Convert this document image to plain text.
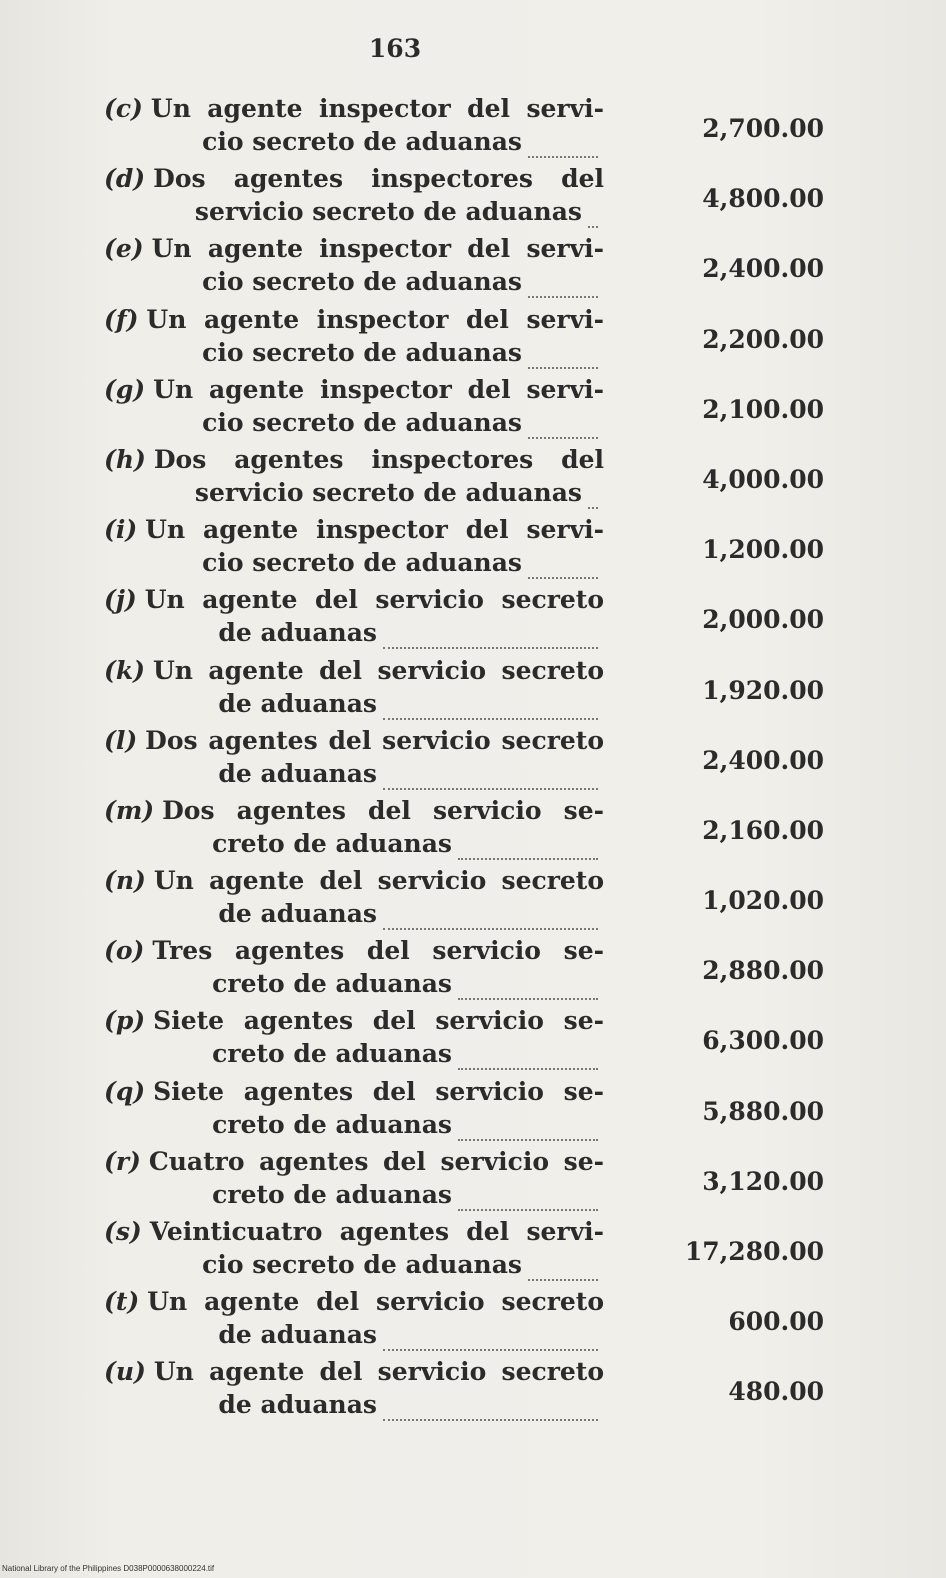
163
(c) Un agente inspector del servi-
cio secreto de aduanas	2,700.00
(d) Dos agentes inspectores del
servicio secreto de aduanas	4,800.00
(e) Un agente inspector del servi-
cio secreto de aduanas	2,400.00
(f) Un agente inspector del servi-
cio secreto de aduanas	2,200.00
(g) Un agente inspector del servi-
cio secreto de aduanas	2,100.00
(h) Dos agentes inspectores del
servicio secreto de aduanas	4,000.00
(i) Un agente inspector del servi-
cio secreto de aduanas	1,200.00
(j) Un agente del servicio secreto
de aduanas	2,000.00
(k) Un agente del servicio secreto
de aduanas	1,920.00
(l) Dos agentes del servicio secreto
de aduanas	2,400.00
(m) Dos agentes del servicio se-
creto de aduanas	2,160.00
(n) Un agente del servicio secreto
de aduanas	1,020.00
(o) Tres agentes del servicio se-
creto de aduanas	2,880.00
(p) Siete agentes del servicio se-
creto de aduanas	6,300.00
(q) Siete agentes del servicio se-
creto de aduanas	5,880.00
(r) Cuatro agentes del servicio se-
creto de aduanas	3,120.00
(s) Veinticuatro agentes del servi-
cio secreto de aduanas	17,280.00
(t) Un agente del servicio secreto
de aduanas	600.00
(u) Un agente del servicio secreto
de aduanas	480.00
National Library of the Philippines D038P0000638000224.tif
